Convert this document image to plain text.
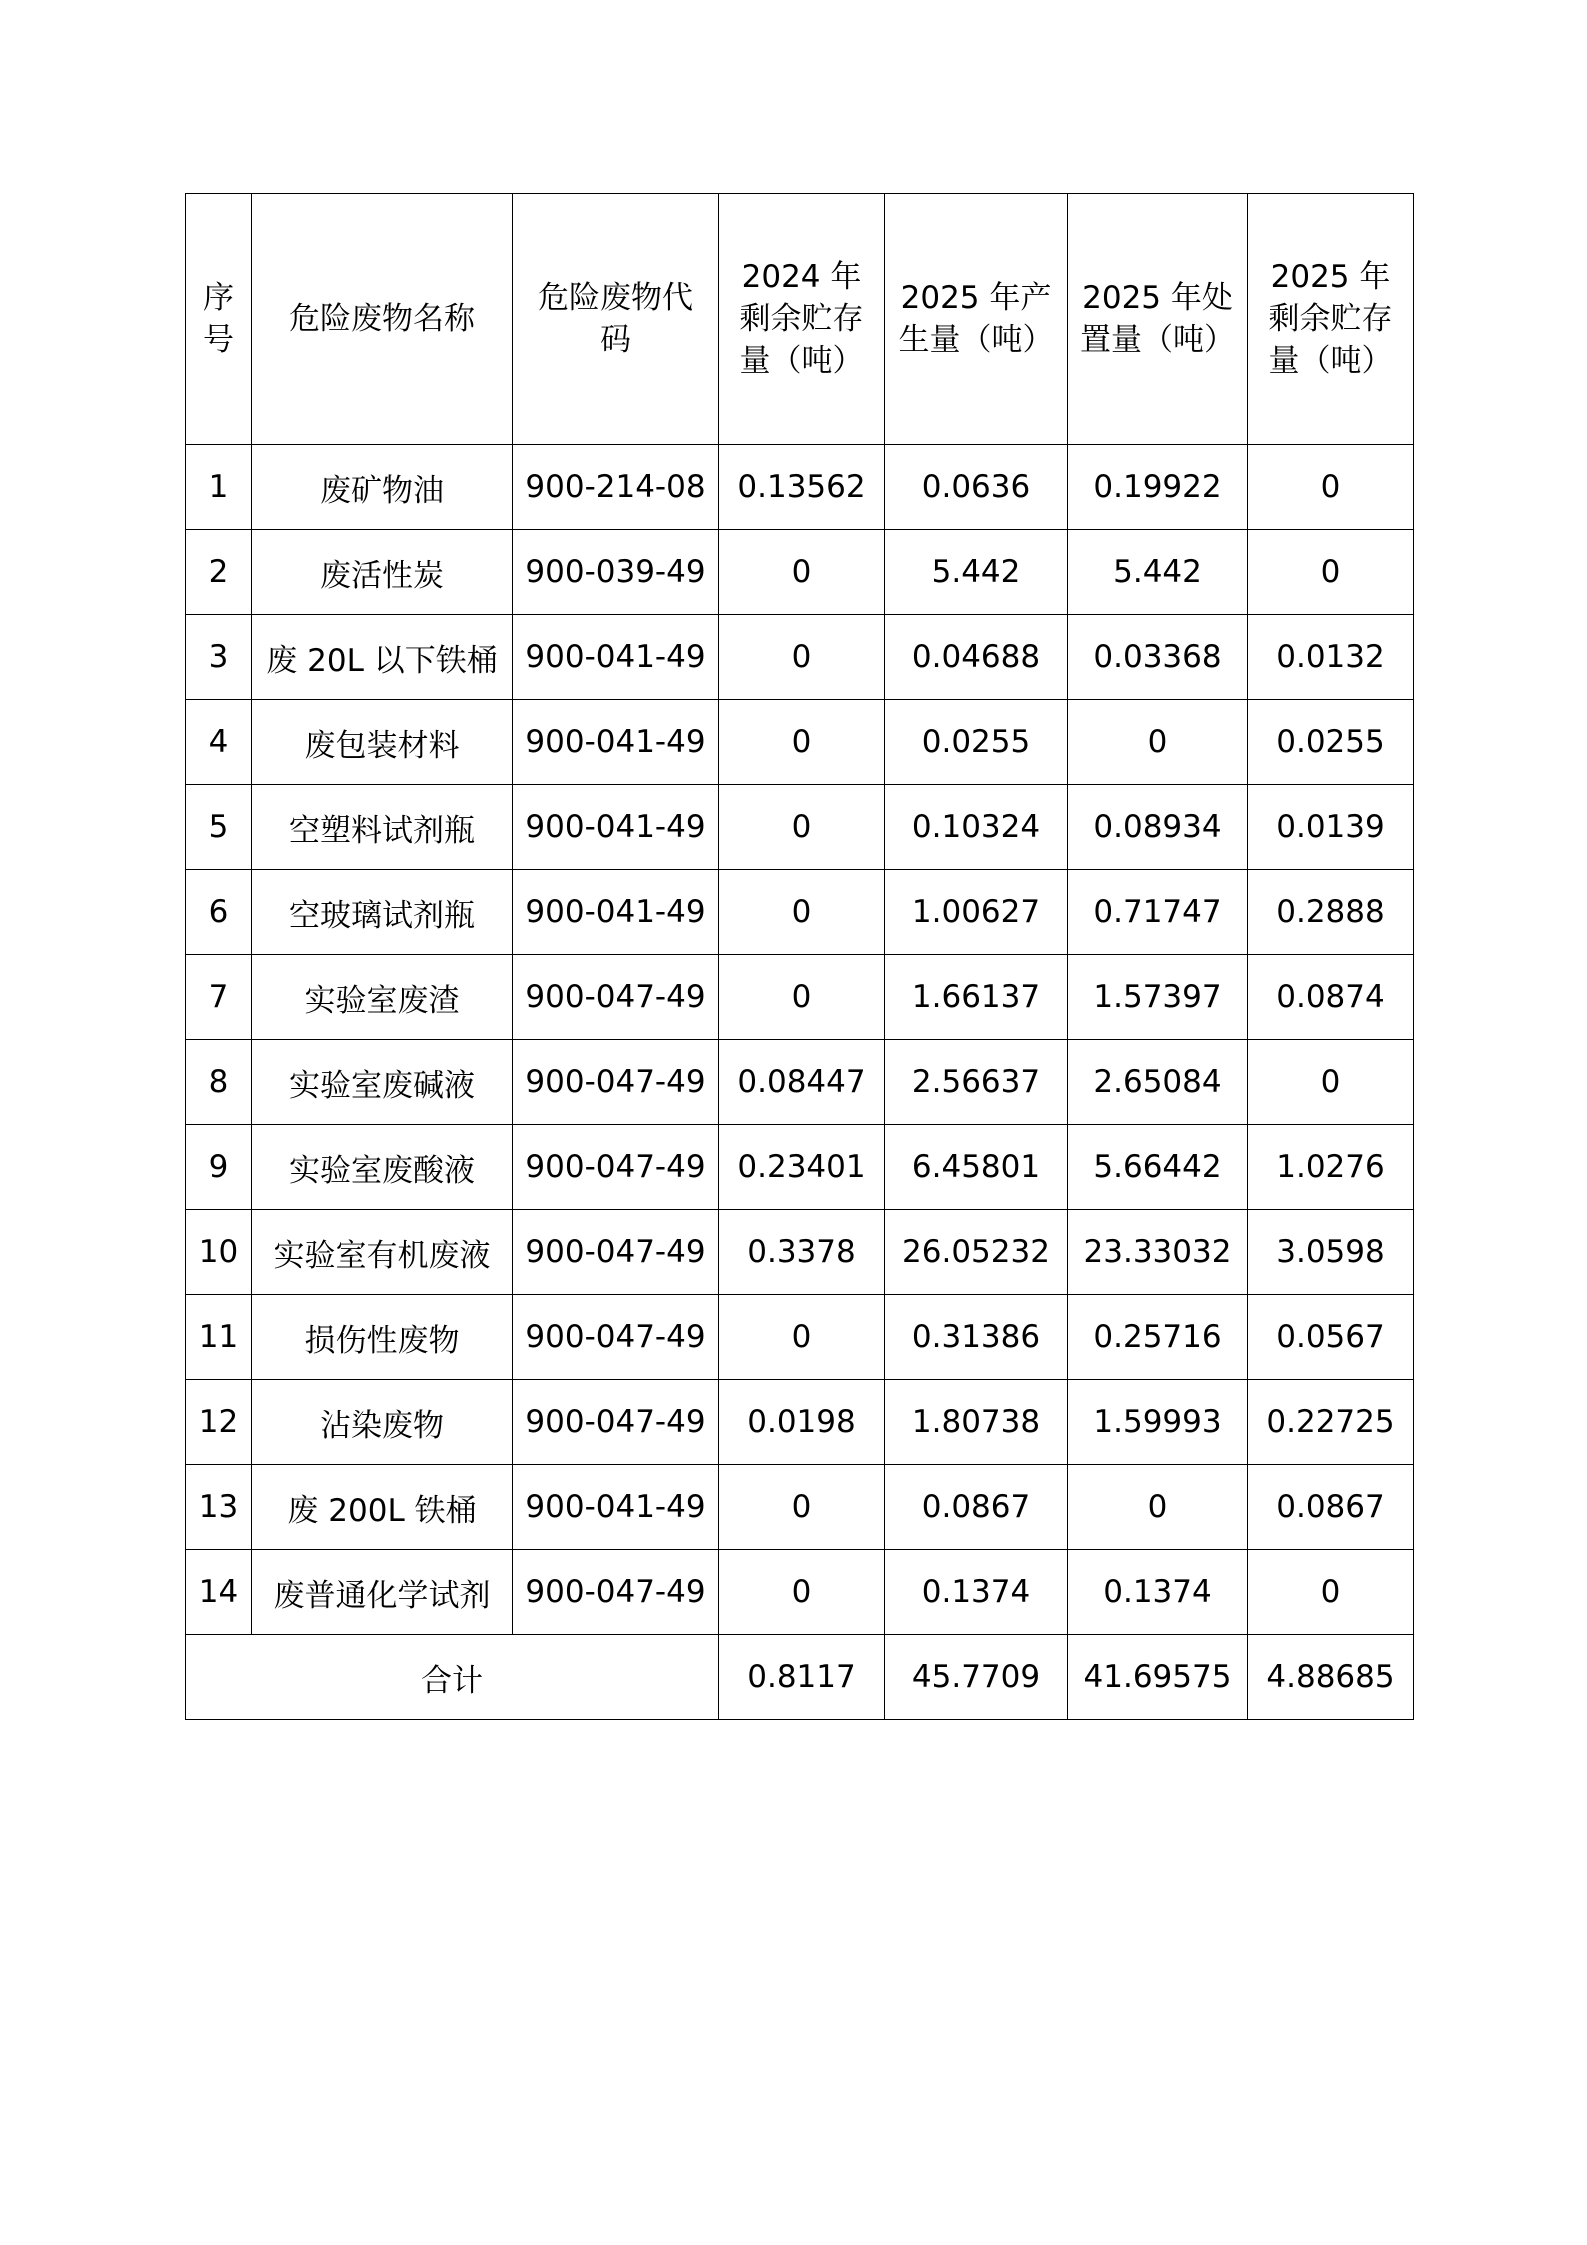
序号	危险废物名称	危险废物代码	2024 年剩余贮存量（吨）	2025 年产生量（吨）	2025 年处置量（吨）	2025 年剩余贮存量（吨）
1	废矿物油	900-214-08	0.13562	0.0636	0.19922	0
2	废活性炭	900-039-49	0	5.442	5.442	0
3	废 20L 以下铁桶	900-041-49	0	0.04688	0.03368	0.0132
4	废包装材料	900-041-49	0	0.0255	0	0.0255
5	空塑料试剂瓶	900-041-49	0	0.10324	0.08934	0.0139
6	空玻璃试剂瓶	900-041-49	0	1.00627	0.71747	0.2888
7	实验室废渣	900-047-49	0	1.66137	1.57397	0.0874
8	实验室废碱液	900-047-49	0.08447	2.56637	2.65084	0
9	实验室废酸液	900-047-49	0.23401	6.45801	5.66442	1.0276
10	实验室有机废液	900-047-49	0.3378	26.05232	23.33032	3.0598
11	损伤性废物	900-047-49	0	0.31386	0.25716	0.0567
12	沾染废物	900-047-49	0.0198	1.80738	1.59993	0.22725
13	废 200L 铁桶	900-041-49	0	0.0867	0	0.0867
14	废普通化学试剂	900-047-49	0	0.1374	0.1374	0
合计			0.8117	45.7709	41.69575	4.88685
